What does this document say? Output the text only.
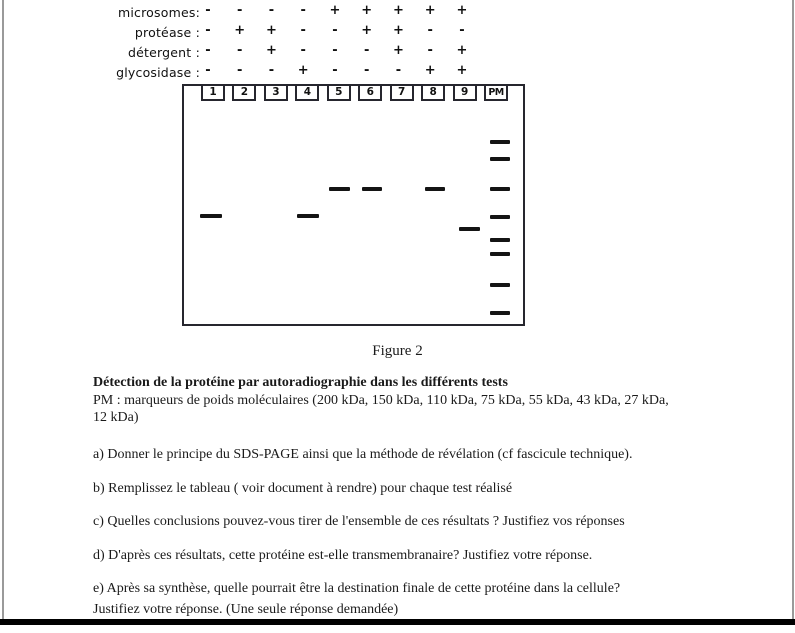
microsomes: -	-	-	-	+	+	+	+	+
protéase : -	+	+	-	-	+	+	-	-
détergent : -	-	+	-	-	-	+	-	+
glycosidase : -	-	-	+	-	-	-	+	+
1	2	3	4	5	6	7	8	9	PM
Figure 2
Détection de la protéine par autoradiographie dans les différents tests
PM : marqueurs de poids moléculaires (200 kDa, 150 kDa, 110 kDa, 75 kDa, 55 kDa, 43 kDa, 27 kDa,
12 kDa)
a) Donner le principe du SDS-PAGE ainsi que la méthode de révélation (cf fascicule technique).
b) Remplissez le tableau ( voir document à rendre) pour chaque test réalisé
c) Quelles conclusions pouvez-vous tirer de l'ensemble de ces résultats ? Justifiez vos réponses
d) D'après ces résultats, cette protéine est-elle transmembranaire? Justifiez votre réponse.
e) Après sa synthèse, quelle pourrait être la destination finale de cette protéine dans la cellule?
Justifiez votre réponse. (Une seule réponse demandée)
